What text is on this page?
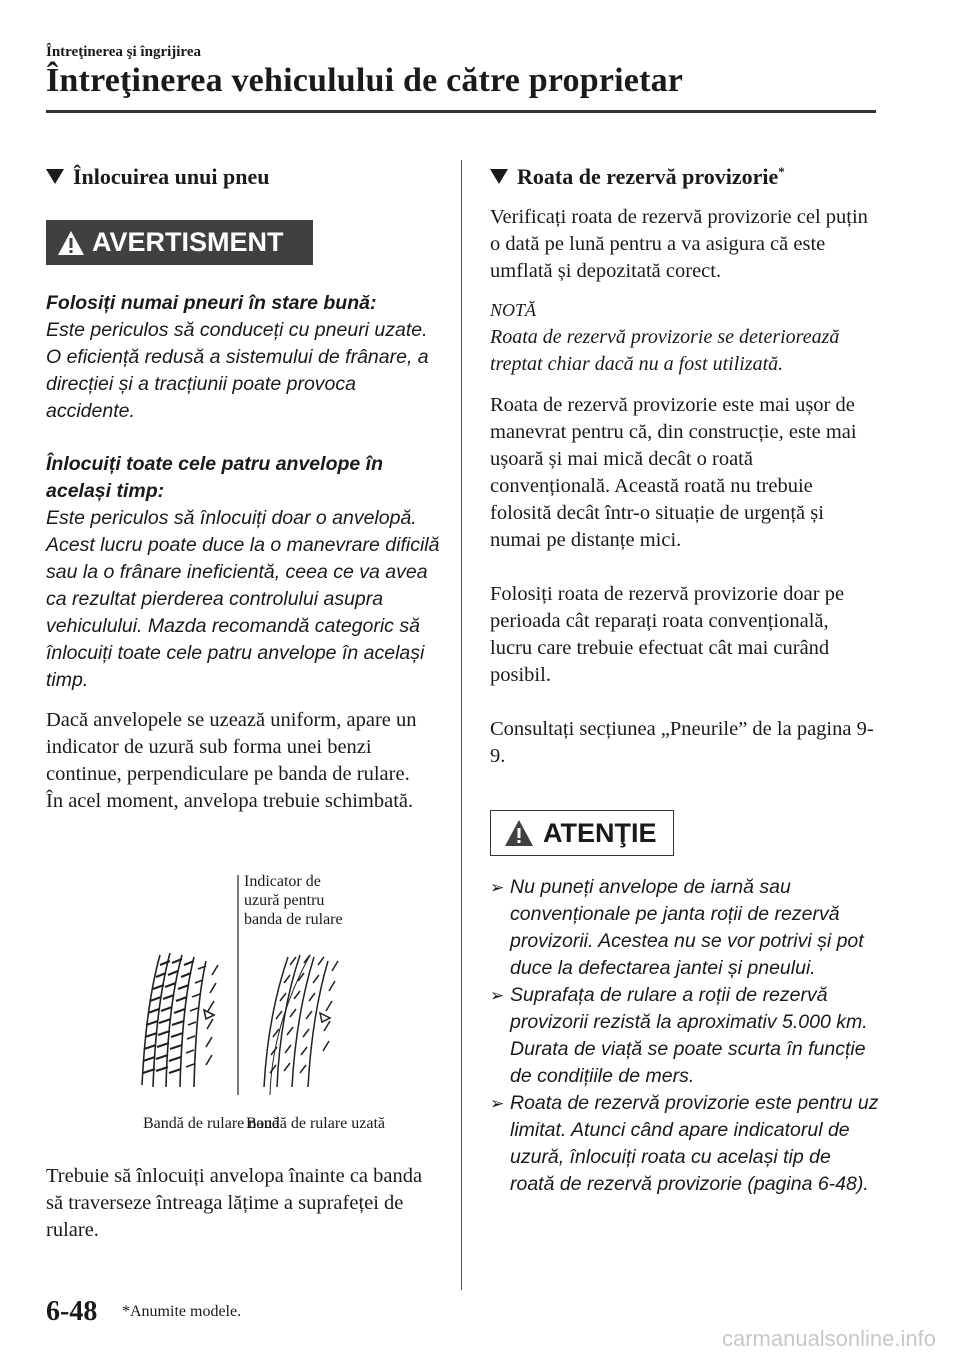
Întreţinerea şi îngrijirea
Întreţinerea vehiculului de către proprietar
Înlocuirea unui pneu
AVERTISMENT

Folosiți numai pneuri în stare bună:

Este periculos să conduceți cu pneuri uzate. O eficiență redusă a sistemului de frânare, a direcției și a tracțiunii poate provoca accidente.

Înlocuiți toate cele patru anvelope în același timp:

Este periculos să înlocuiți doar o anvelopă. Acest lucru poate duce la o manevrare dificilă sau la o frânare ineficientă, ceea ce va avea ca rezultat pierderea controlului asupra vehiculului. Mazda recomandă categoric să înlocuiți toate cele patru anvelope în același timp.

Dacă anvelopele se uzează uniform, apare un indicator de uzură sub forma unei benzi continue, perpendiculare pe banda de rulare.

În acel moment, anvelopa trebuie schimbată.

Indicator de uzură pentru banda de rulare
Bandă de rulare nouă
Bandă de rulare uzată

Trebuie să înlocuiți anvelopa înainte ca banda să traverseze întreaga lățime a suprafeței de rulare.

Roata de rezervă provizorie*

Verificați roata de rezervă provizorie cel puțin o dată pe lună pentru a va asigura că este umflată și depozitată corect.

NOTĂ

Roata de rezervă provizorie se deteriorează treptat chiar dacă nu a fost utilizată.

Roata de rezervă provizorie este mai ușor de manevrat pentru că, din construcție, este mai ușoară și mai mică decât o roată convențională. Această roată nu trebuie folosită decât într-o situație de urgență și numai pe distanțe mici.

Folosiți roata de rezervă provizorie doar pe perioada cât reparați roata convențională, lucru care trebuie efectuat cât mai curând posibil.

Consultați secțiunea „Pneurile” de la pagina 9-9.

ATENŢIE
➢ Nu puneți anvelope de iarnă sau convenționale pe janta roții de rezervă provizorii. Acestea nu se vor potrivi și pot duce la defectarea jantei și pneului.
➢ Suprafața de rulare a roții de rezervă provizorii rezistă la aproximativ 5.000 km. Durata de viață se poate scurta în funcție de condițiile de mers.
➢ Roata de rezervă provizorie este pentru uz limitat. Atunci când apare indicatorul de uzură, înlocuiți roata cu același tip de roată de rezervă provizorie (pagina 6-48).
6-48 *Anumite modele.
carmanualsonline.info
